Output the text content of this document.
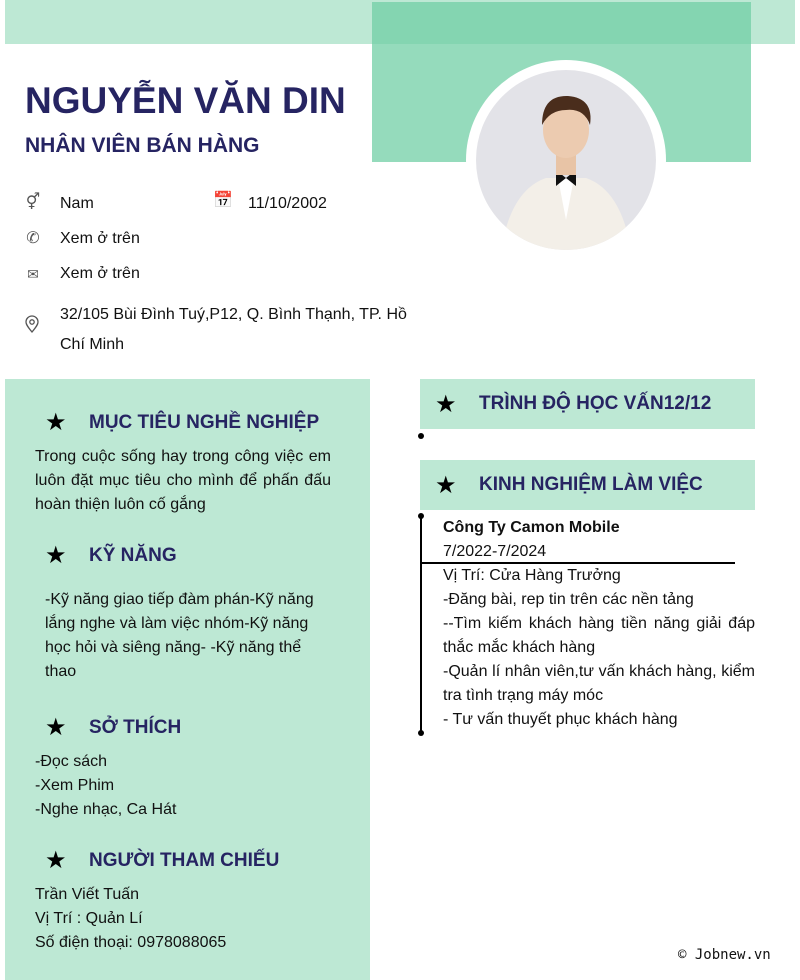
NGUYỄN VĂN DIN
NHÂN VIÊN BÁN HÀNG
⚥ Nam	📅 11/10/2002
✆ Xem ở trên
✉ Xem ở trên
32/105 Bùi Đình Tuý,P12, Q. Bình Thạnh, TP. Hồ Chí Minh
★ MỤC TIÊU NGHỀ NGHIỆP
Trong cuộc sống hay trong công việc em luôn đặt mục tiêu cho mình để phấn đấu hoàn thiện luôn cố gắng
★ KỸ NĂNG
-Kỹ năng giao tiếp đàm phán-Kỹ năng lắng nghe và làm việc nhóm-Kỹ năng học hỏi và siêng năng- -Kỹ năng thể thao
★ SỞ THÍCH
-Đọc sách
-Xem Phim
-Nghe nhạc, Ca Hát
★ NGƯỜI THAM CHIẾU
Trần Viết Tuấn
Vị Trí : Quản Lí
Số điện thoại: 0978088065
★ TRÌNH ĐỘ HỌC VẤN12/12
★ KINH NGHIỆM LÀM VIỆC
Công Ty Camon Mobile
7/2022-7/2024
Vị Trí: Cửa Hàng Trưởng
-Đăng bài, rep tin trên các nền tảng
--Tìm kiếm khách hàng tiền năng giải đáp thắc mắc khách hàng
-Quản lí nhân viên,tư vấn khách hàng, kiểm tra tình trạng máy móc
- Tư vấn thuyết phục khách hàng
© Jobnew.vn
